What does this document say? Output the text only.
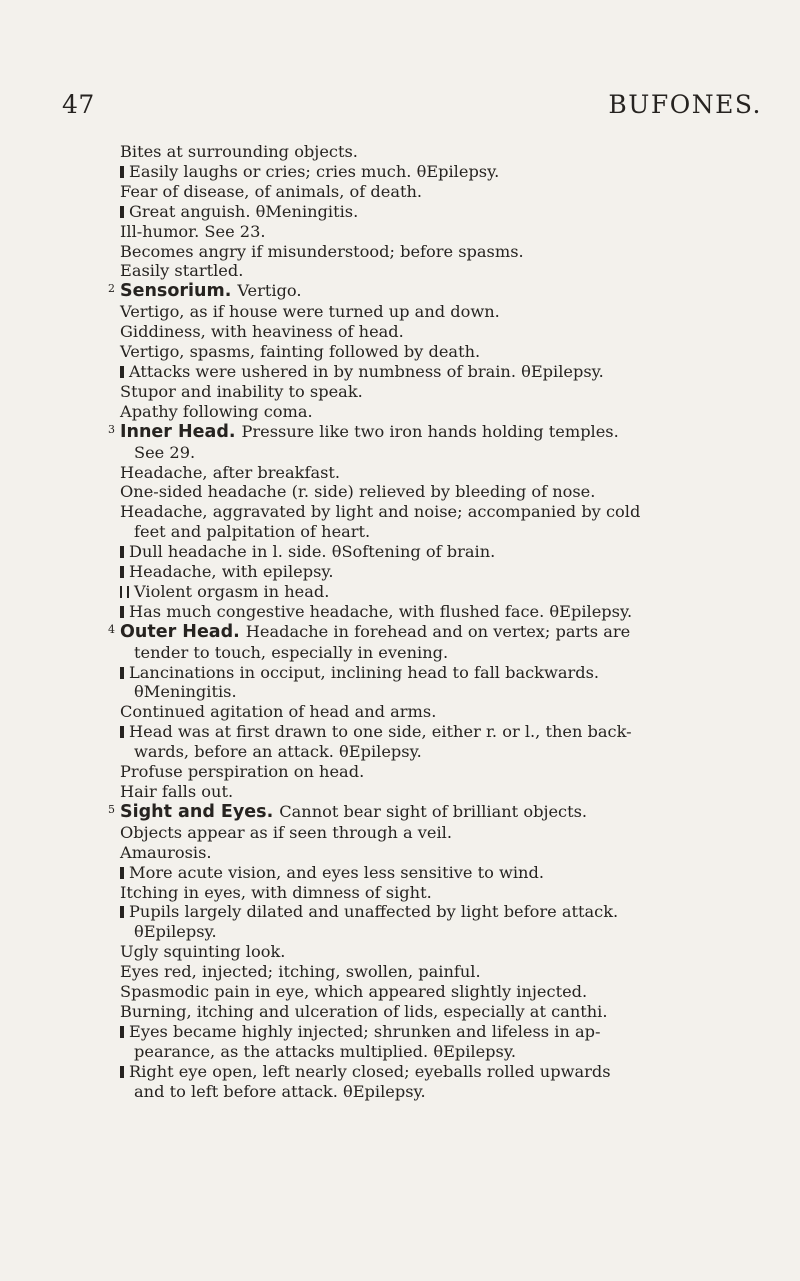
47	BUFONES.
Bites at surrounding objects.
Easily laughs or cries; cries much. θEpilepsy.
Fear of disease, of animals, of death.
Great anguish. θMeningitis.
Ill-humor. See 23.
Becomes angry if misunderstood; before spasms.
Easily startled.
2 Sensorium. Vertigo.
Vertigo, as if house were turned up and down.
Giddiness, with heaviness of head.
Vertigo, spasms, fainting followed by death.
Attacks were ushered in by numbness of brain. θEpilepsy.
Stupor and inability to speak.
Apathy following coma.
3 Inner Head. Pressure like two iron hands holding temples.
See 29.
Headache, after breakfast.
One-sided headache (r. side) relieved by bleeding of nose.
Headache, aggravated by light and noise; accompanied by cold
feet and palpitation of heart.
Dull headache in l. side. θSoftening of brain.
Headache, with epilepsy.
Violent orgasm in head.
Has much congestive headache, with flushed face. θEpilepsy.
4 Outer Head. Headache in forehead and on vertex; parts are
tender to touch, especially in evening.
Lancinations in occiput, inclining head to fall backwards.
θMeningitis.
Continued agitation of head and arms.
Head was at first drawn to one side, either r. or l., then back-
wards, before an attack. θEpilepsy.
Profuse perspiration on head.
Hair falls out.
5 Sight and Eyes. Cannot bear sight of brilliant objects.
Objects appear as if seen through a veil.
Amaurosis.
More acute vision, and eyes less sensitive to wind.
Itching in eyes, with dimness of sight.
Pupils largely dilated and unaffected by light before attack.
θEpilepsy.
Ugly squinting look.
Eyes red, injected; itching, swollen, painful.
Spasmodic pain in eye, which appeared slightly injected.
Burning, itching and ulceration of lids, especially at canthi.
Eyes became highly injected; shrunken and lifeless in ap-
pearance, as the attacks multiplied. θEpilepsy.
Right eye open, left nearly closed; eyeballs rolled upwards
and to left before attack. θEpilepsy.
